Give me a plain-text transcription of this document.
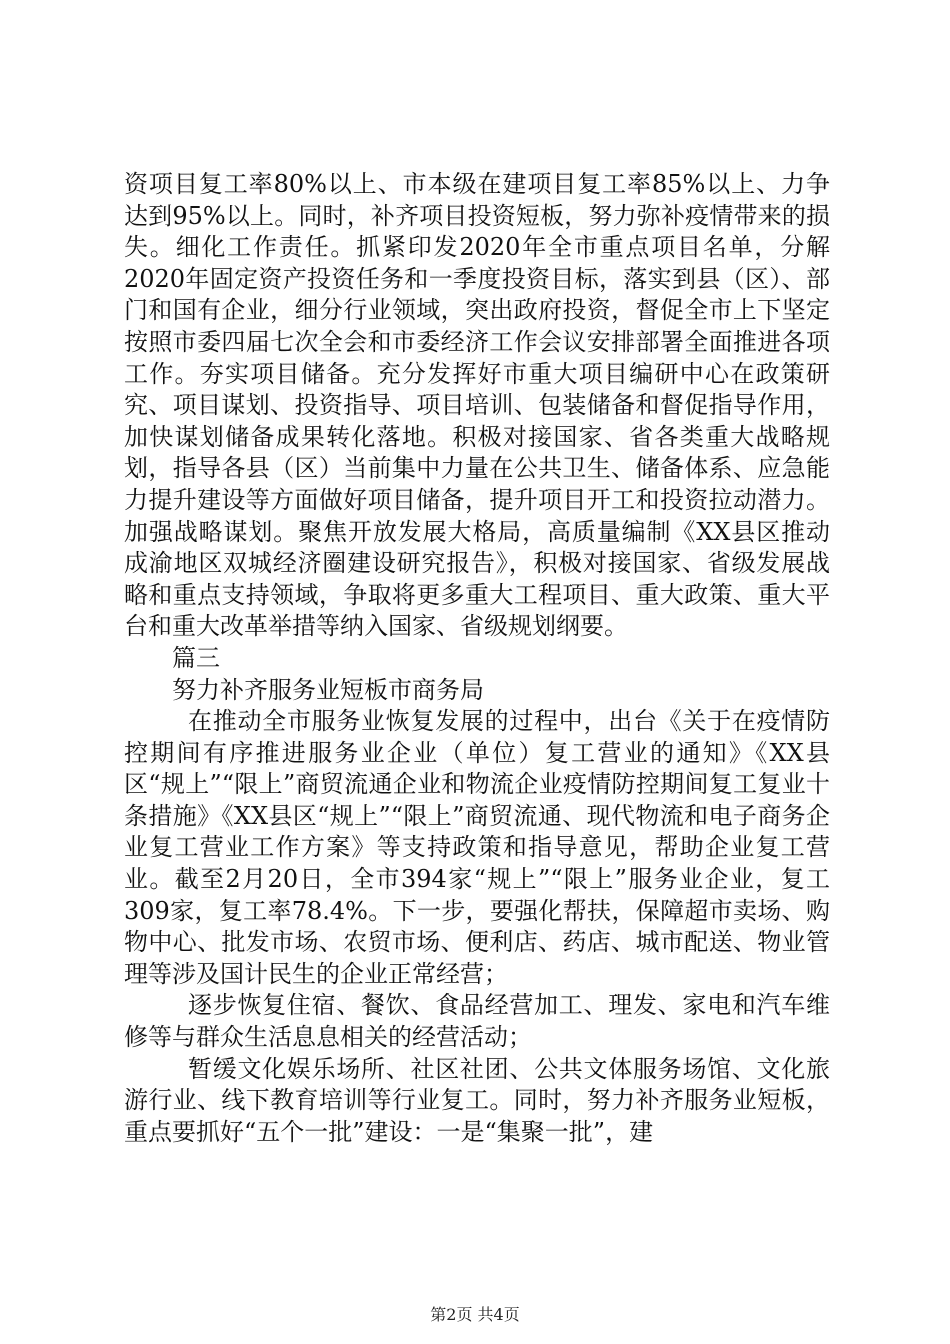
资项目复工率80%以上、市本级在建项目复工率85%以上、力争达到95%以上。同时，补齐项目投资短板，努力弥补疫情带来的损失。细化工作责任。抓紧印发2020年全市重点项目名单，分解2020年固定资产投资任务和一季度投资目标，落实到县（区）、部门和国有企业，细分行业领域，突出政府投资，督促全市上下坚定按照市委四届七次全会和市委经济工作会议安排部署全面推进各项工作。夯实项目储备。充分发挥好市重大项目编研中心在政策研究、项目谋划、投资指导、项目培训、包装储备和督促指导作用，加快谋划储备成果转化落地。积极对接国家、省各类重大战略规划，指导各县（区）当前集中力量在公共卫生、储备体系、应急能力提升建设等方面做好项目储备，提升项目开工和投资拉动潜力。加强战略谋划。聚焦开放发展大格局，高质量编制《XX县区推动成渝地区双城经济圈建设研究报告》，积极对接国家、省级发展战略和重点支持领域，争取将更多重大工程项目、重大政策、重大平台和重大改革举措等纳入国家、省级规划纲要。

篇三

努力补齐服务业短板市商务局

在推动全市服务业恢复发展的过程中，出台《关于在疫情防控期间有序推进服务业企业（单位）复工营业的通知》《XX县区“规上”“限上”商贸流通企业和物流企业疫情防控期间复工复业十条措施》《XX县区“规上”“限上”商贸流通、现代物流和电子商务企业复工营业工作方案》等支持政策和指导意见，帮助企业复工营业。截至2月20日，全市394家“规上”“限上”服务业企业，复工309家，复工率78.4%。下一步，要强化帮扶，保障超市卖场、购物中心、批发市场、农贸市场、便利店、药店、城市配送、物业管理等涉及国计民生的企业正常经营；

逐步恢复住宿、餐饮、食品经营加工、理发、家电和汽车维修等与群众生活息息相关的经营活动；

暂缓文化娱乐场所、社区社团、公共文体服务场馆、文化旅游行业、线下教育培训等行业复工。同时，努力补齐服务业短板，重点要抓好“五个一批”建设：一是“集聚一批”，建

第2页 共4页
